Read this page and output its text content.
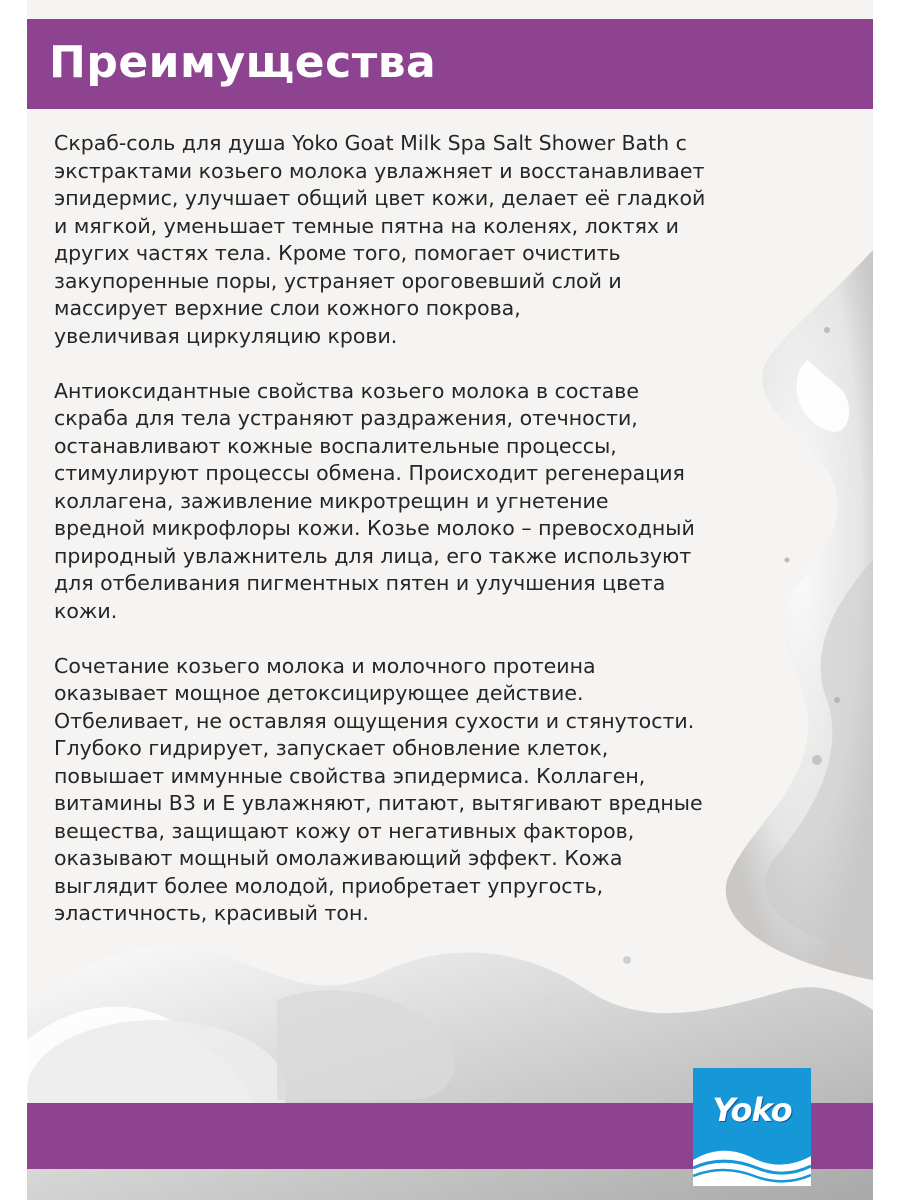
Преимущества

Скраб-соль для душа Yoko Goat Milk Spa Salt Shower Bath с
экстрактами козьего молока увлажняет и восстанавливает
эпидермис, улучшает общий цвет кожи, делает её гладкой
и мягкой, уменьшает темные пятна на коленях, локтях и
других частях тела. Кроме того, помогает очистить
закупоренные поры, устраняет ороговевший слой и
массирует верхние слои кожного покрова,
увеличивая циркуляцию крови.

Антиоксидантные свойства козьего молока в составе
скраба для тела устраняют раздражения, отечности,
останавливают кожные воспалительные процессы,
стимулируют процессы обмена. Происходит регенерация
коллагена, заживление микротрещин и угнетение
вредной микрофлоры кожи. Козье молоко – превосходный
природный увлажнитель для лица, его также используют
для отбеливания пигментных пятен и улучшения цвета
кожи.

Сочетание козьего молока и молочного протеина
оказывает мощное детоксицирующее действие.
Отбеливает, не оставляя ощущения сухости и стянутости.
Глубоко гидрирует, запускает обновление клеток,
повышает иммунные свойства эпидермиса. Коллаген,
витамины В3 и Е увлажняют, питают, вытягивают вредные
вещества, защищают кожу от негативных факторов,
оказывают мощный омолаживающий эффект. Кожа
выглядит более молодой, приобретает упругость,
эластичность, красивый тон.

Yoko
